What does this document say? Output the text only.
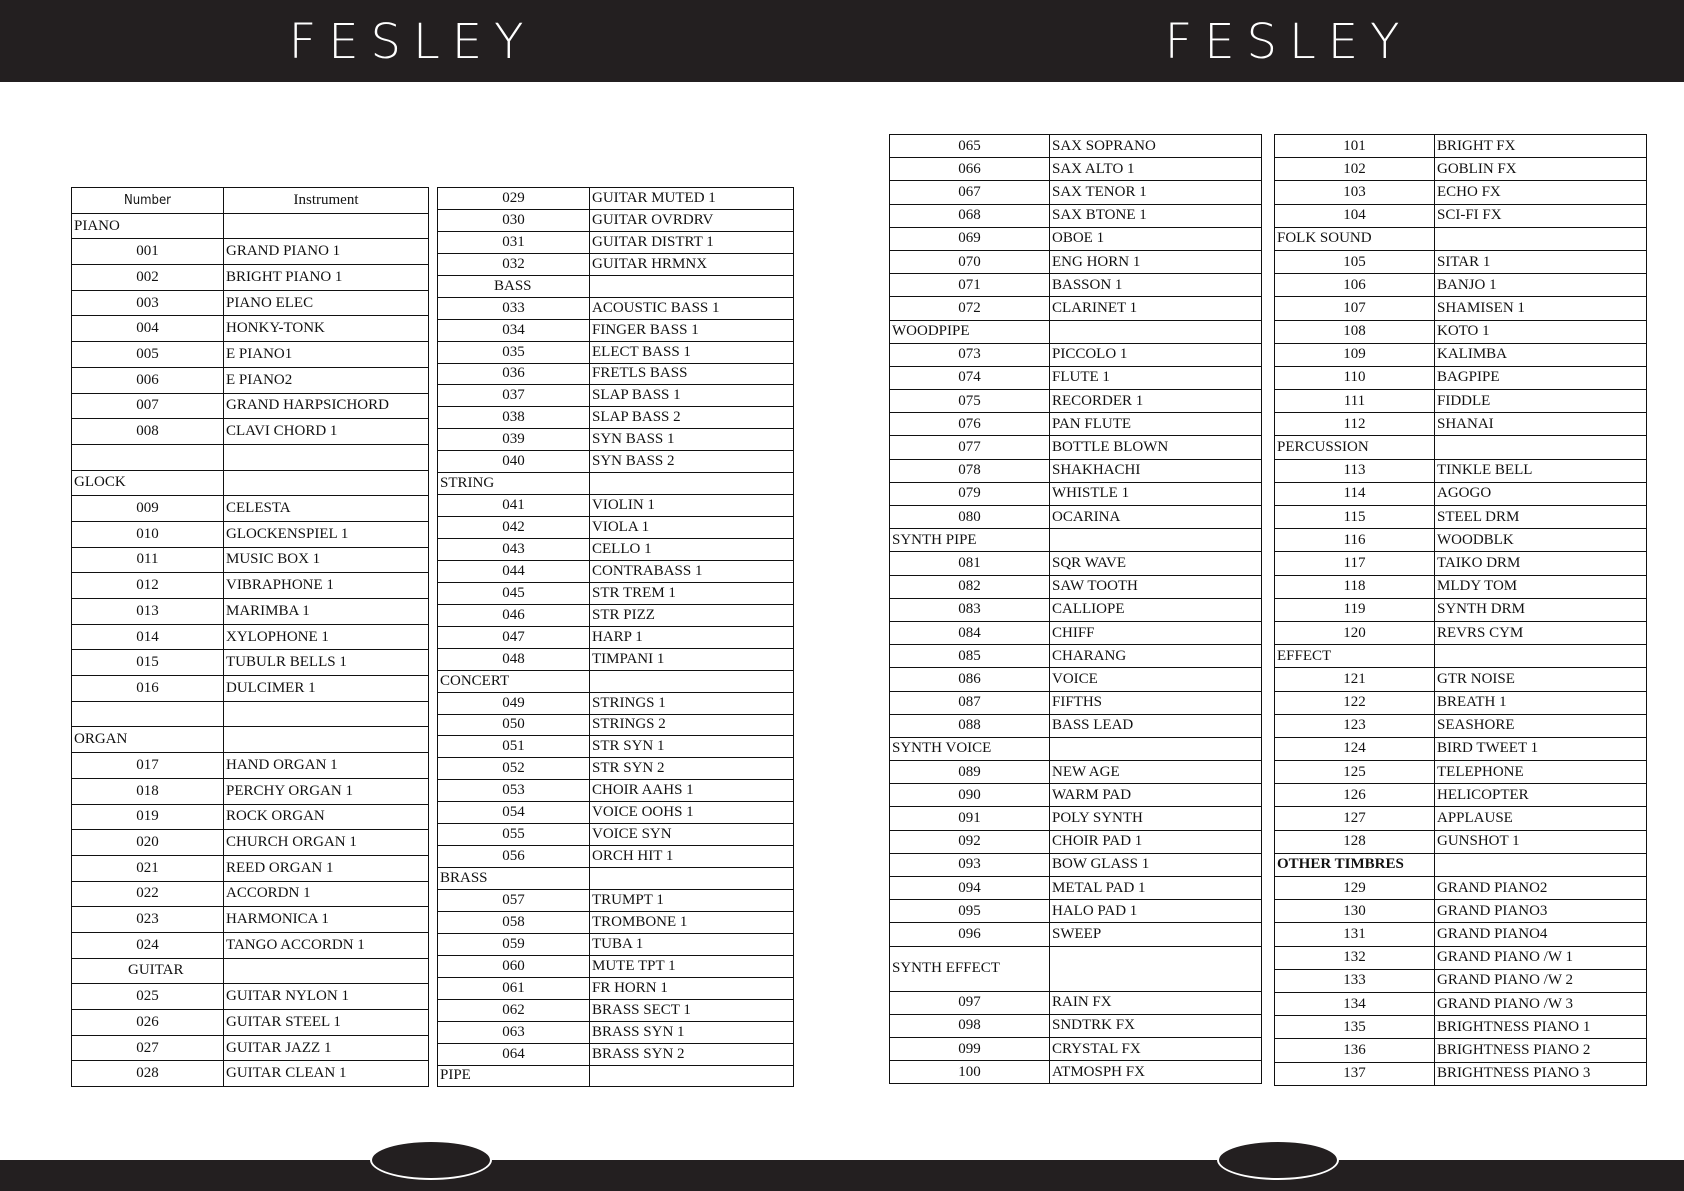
FESLEY	FESLEY
Number	Instrument
PIANO	
001	GRAND PIANO 1
002	BRIGHT PIANO 1
003	PIANO ELEC
004	HONKY-TONK
005	E PIANO1
006	E PIANO2
007	GRAND HARPSICHORD
008	CLAVI CHORD 1

GLOCK	
009	CELESTA
010	GLOCKENSPIEL 1
011	MUSIC BOX 1
012	VIBRAPHONE 1
013	MARIMBA 1
014	XYLOPHONE 1
015	TUBULR BELLS 1
016	DULCIMER 1

ORGAN	
017	HAND ORGAN 1
018	PERCHY ORGAN 1
019	ROCK ORGAN
020	CHURCH ORGAN 1
021	REED ORGAN 1
022	ACCORDN 1
023	HARMONICA 1
024	TANGO ACCORDN 1
GUITAR	
025	GUITAR NYLON 1
026	GUITAR STEEL 1
027	GUITAR JAZZ 1
028	GUITAR CLEAN 1
029	GUITAR MUTED 1
030	GUITAR OVRDRV
031	GUITAR DISTRT 1
032	GUITAR HRMNX
BASS	
033	ACOUSTIC BASS 1
034	FINGER BASS 1
035	ELECT BASS 1
036	FRETLS BASS
037	SLAP BASS 1
038	SLAP BASS 2
039	SYN BASS 1
040	SYN BASS 2
STRING	
041	VIOLIN 1
042	VIOLA 1
043	CELLO 1
044	CONTRABASS 1
045	STR TREM 1
046	STR PIZZ
047	HARP 1
048	TIMPANI 1
CONCERT	
049	STRINGS 1
050	STRINGS 2
051	STR SYN 1
052	STR SYN 2
053	CHOIR AAHS 1
054	VOICE OOHS 1
055	VOICE SYN
056	ORCH HIT 1
BRASS	
057	TRUMPT 1
058	TROMBONE 1
059	TUBA 1
060	MUTE TPT 1
061	FR HORN 1
062	BRASS SECT 1
063	BRASS SYN 1
064	BRASS SYN 2
PIPE	
065	SAX SOPRANO
066	SAX ALTO 1
067	SAX TENOR 1
068	SAX BTONE 1
069	OBOE 1
070	ENG HORN 1
071	BASSON 1
072	CLARINET 1
WOODPIPE	
073	PICCOLO 1
074	FLUTE 1
075	RECORDER 1
076	PAN FLUTE
077	BOTTLE BLOWN
078	SHAKHACHI
079	WHISTLE 1
080	OCARINA
SYNTH PIPE	
081	SQR WAVE
082	SAW TOOTH
083	CALLIOPE
084	CHIFF
085	CHARANG
086	VOICE
087	FIFTHS
088	BASS LEAD
SYNTH VOICE	
089	NEW AGE
090	WARM PAD
091	POLY SYNTH
092	CHOIR PAD 1
093	BOW GLASS 1
094	METAL PAD 1
095	HALO PAD 1
096	SWEEP
SYNTH EFFECT	
097	RAIN FX
098	SNDTRK FX
099	CRYSTAL FX
100	ATMOSPH FX
101	BRIGHT FX
102	GOBLIN FX
103	ECHO FX
104	SCI-FI FX
FOLK SOUND	
105	SITAR 1
106	BANJO 1
107	SHAMISEN 1
108	KOTO 1
109	KALIMBA
110	BAGPIPE
111	FIDDLE
112	SHANAI
PERCUSSION	
113	TINKLE BELL
114	AGOGO
115	STEEL DRM
116	WOODBLK
117	TAIKO DRM
118	MLDY TOM
119	SYNTH DRM
120	REVRS CYM
EFFECT	
121	GTR NOISE
122	BREATH 1
123	SEASHORE
124	BIRD TWEET 1
125	TELEPHONE
126	HELICOPTER
127	APPLAUSE
128	GUNSHOT 1
OTHER TIMBRES	
129	GRAND PIANO2
130	GRAND PIANO3
131	GRAND PIANO4
132	GRAND PIANO /W 1
133	GRAND PIANO /W 2
134	GRAND PIANO /W 3
135	BRIGHTNESS PIANO 1
136	BRIGHTNESS PIANO 2
137	BRIGHTNESS PIANO 3
